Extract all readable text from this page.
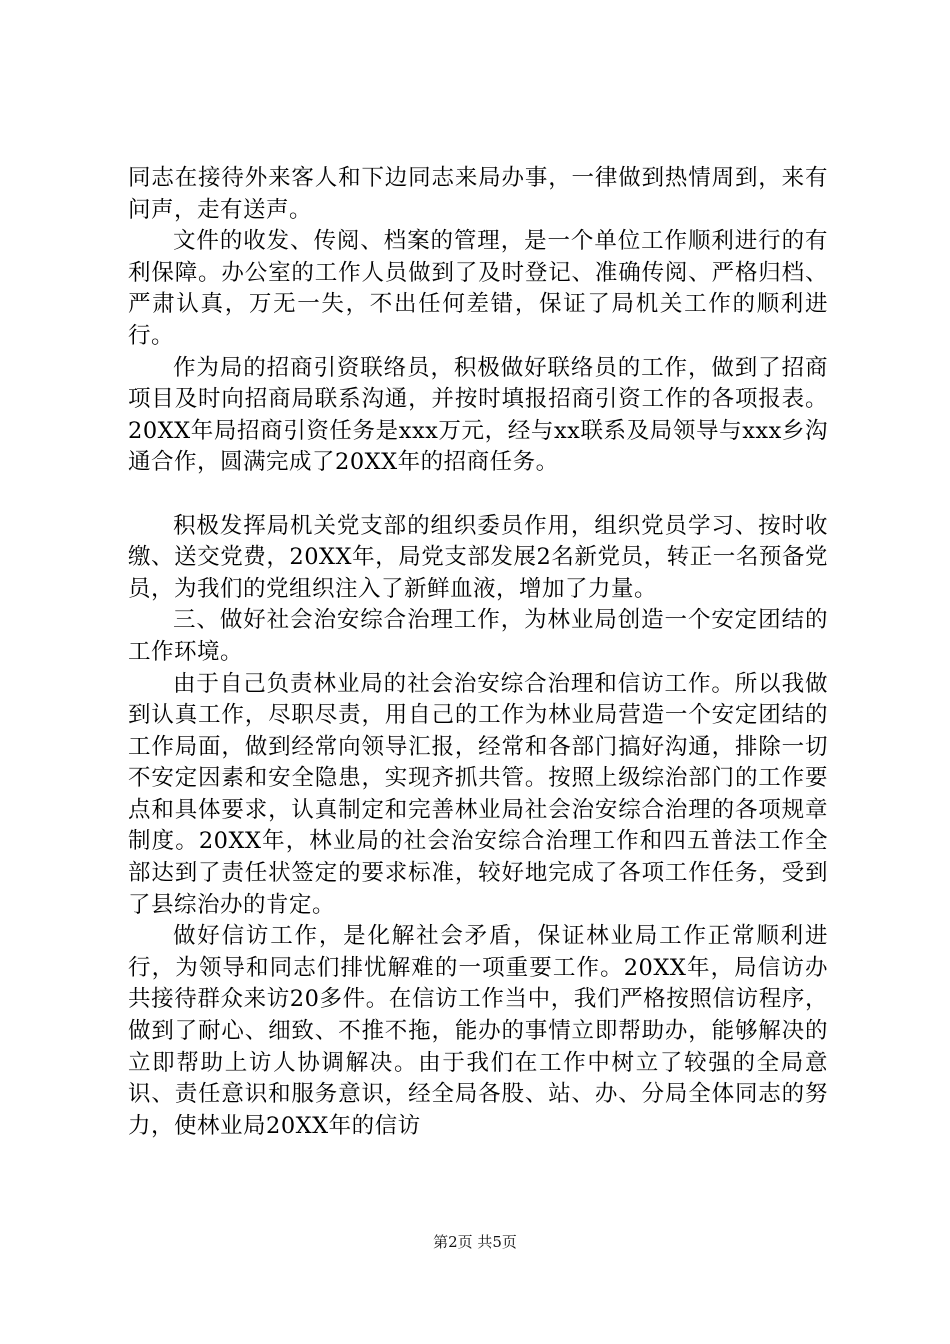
同志在接待外来客人和下边同志来局办事，一律做到热情周到，来有问声，走有送声。

文件的收发、传阅、档案的管理，是一个单位工作顺利进行的有利保障。办公室的工作人员做到了及时登记、准确传阅、严格归档、严肃认真，万无一失，不出任何差错，保证了局机关工作的顺利进行。

作为局的招商引资联络员，积极做好联络员的工作，做到了招商项目及时向招商局联系沟通，并按时填报招商引资工作的各项报表。20XX年局招商引资任务是xxx万元，经与xx联系及局领导与xxx乡沟通合作，圆满完成了20XX年的招商任务。

积极发挥局机关党支部的组织委员作用，组织党员学习、按时收缴、送交党费，20XX年，局党支部发展2名新党员，转正一名预备党员，为我们的党组织注入了新鲜血液，增加了力量。

三、做好社会治安综合治理工作，为林业局创造一个安定团结的工作环境。

由于自己负责林业局的社会治安综合治理和信访工作。所以我做到认真工作，尽职尽责，用自己的工作为林业局营造一个安定团结的工作局面，做到经常向领导汇报，经常和各部门搞好沟通，排除一切不安定因素和安全隐患，实现齐抓共管。按照上级综治部门的工作要点和具体要求，认真制定和完善林业局社会治安综合治理的各项规章制度。20XX年，林业局的社会治安综合治理工作和四五普法工作全部达到了责任状签定的要求标准，较好地完成了各项工作任务，受到了县综治办的肯定。

做好信访工作，是化解社会矛盾，保证林业局工作正常顺利进行，为领导和同志们排忧解难的一项重要工作。20XX年，局信访办共接待群众来访20多件。在信访工作当中，我们严格按照信访程序，做到了耐心、细致、不推不拖，能办的事情立即帮助办，能够解决的立即帮助上访人协调解决。由于我们在工作中树立了较强的全局意识、责任意识和服务意识，经全局各股、站、办、分局全体同志的努力，使林业局20XX年的信访

第2页 共5页
